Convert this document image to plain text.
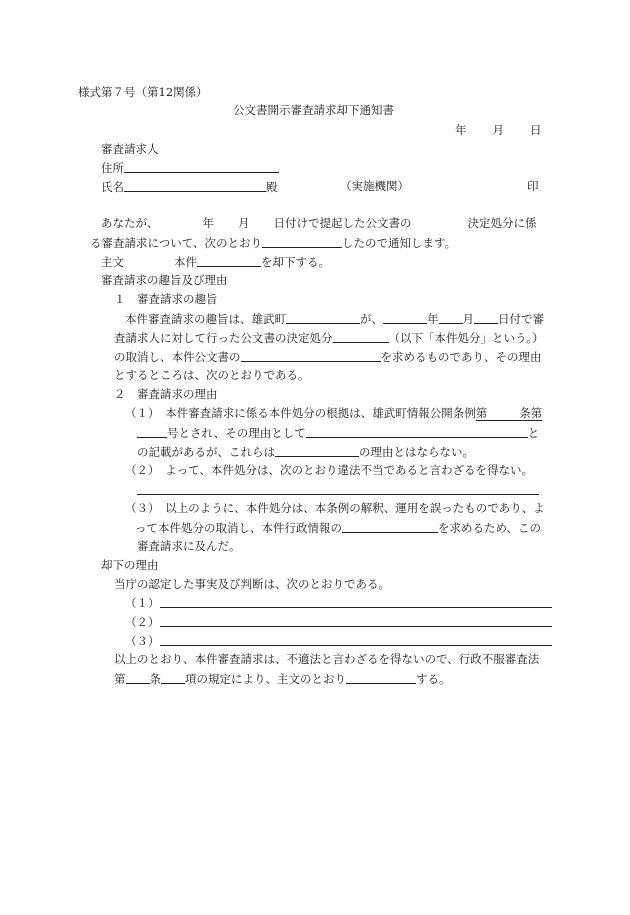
様式第７号（第12関係）
公文書開示審査請求却下通知書
年 月 日
審査請求人
住所
氏名	殿	（実施機関）	印
あなたが、	年 月 日付けで提起した公文書の	決定処分に係
る審査請求について、次のとおり	したので通知します。
主文	本件	を却下する。
審査請求の趣旨及び理由
１　審査請求の趣旨
本件審査請求の趣旨は、雄武町	が、	年 月 日付で審
査請求人に対して行った公文書の決定処分	（以下「本件処分」という。）
の取消し、本件公文書の	を求めるものであり、その理由
とするところは、次のとおりである。
２　審査請求の理由
（１）　本件審査請求に係る本件処分の根拠は、雄武町情報公開条例第	条第
号とされ、その理由として	と
の記載があるが、これらは	の理由とはならない。
（２）　よって、本件処分は、次のとおり違法不当であると言わざるを得ない。
（３）　以上のように、本件処分は、本条例の解釈、運用を誤ったものであり、よ
って本件処分の取消し、本件行政情報の	を求めるため、この
審査請求に及んだ。
却下の理由
当庁の認定した事実及び判断は、次のとおりである。
（１）
（２）
（３）
以上のとおり、本件審査請求は、不適法と言わざるを得ないので、行政不服審査法
第 条 項の規定により、主文のとおり	する。
